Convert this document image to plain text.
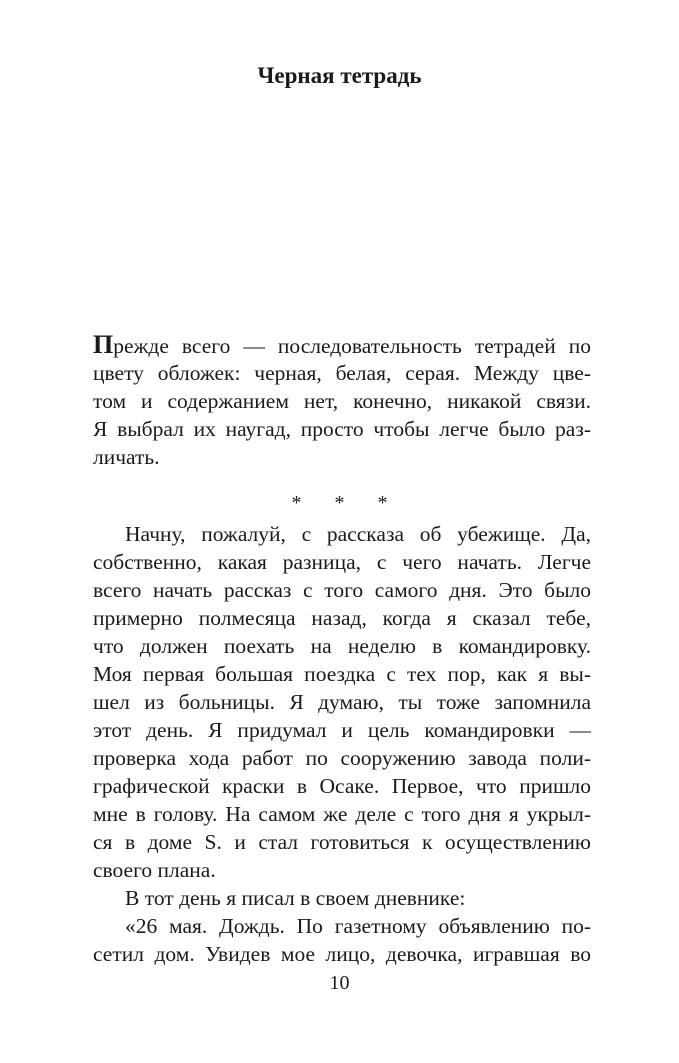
Черная тетрадь
Прежде всего — последовательность тетрадей по
цвету обложек: черная, белая, серая. Между цве-
том и содержанием нет, конечно, никакой связи.
Я выбрал их наугад, просто чтобы легче было раз-
личать.
* * *
Начну, пожалуй, с рассказа об убежище. Да,
собственно, какая разница, с чего начать. Легче
всего начать рассказ с того самого дня. Это было
примерно полмесяца назад, когда я сказал тебе,
что должен поехать на неделю в командировку.
Моя первая большая поездка с тех пор, как я вы-
шел из больницы. Я думаю, ты тоже запомнила
этот день. Я придумал и цель командировки —
проверка хода работ по сооружению завода поли-
графической краски в Осаке. Первое, что пришло
мне в голову. На самом же деле с того дня я укрыл-
ся в доме S. и стал готовиться к осуществлению
своего плана.
В тот день я писал в своем дневнике:
«26 мая. Дождь. По газетному объявлению по-
сетил дом. Увидев мое лицо, девочка, игравшая во
10
